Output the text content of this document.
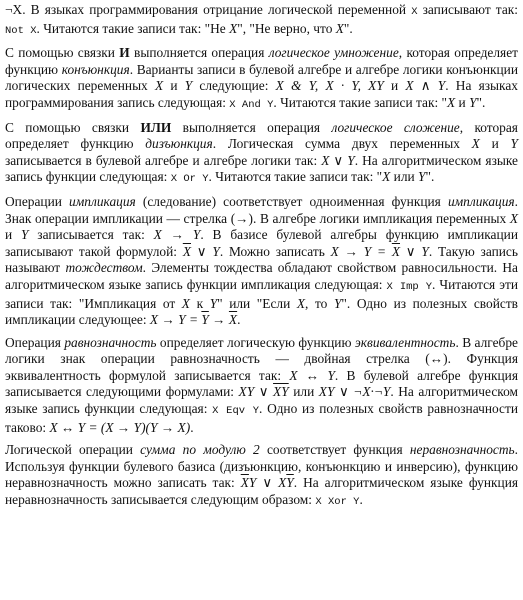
¬X. В языках программирования отрицание логической переменной X записывают так: Not X. Читаются такие записи так: "Не X", "Не верно, что X".

С помощью связки И выполняется операция логическое умножение, которая определяет функцию конъюнкция. Варианты записи в булевой алгебре и алгебре логики конъюнкции логических переменных X и Y следующие: X & Y, X · Y, XY и X ∧ Y. На языках программирования запись следующая: X And Y. Читаются такие записи так: "X и Y".

С помощью связки ИЛИ выполняется операция логическое сложение, которая определяет функцию дизъюнкция. Логическая сумма двух переменных X и Y записывается в булевой алгебре и алгебре логики так: X ∨ Y. На алгоритмическом языке запись функции следующая: X Or Y. Читаются такие записи так: "X или Y".

Операции импликация (следование) соответствует одноименная функция импликация. Знак операции импликации — стрелка (→). В алгебре логики импликация переменных X и Y записывается так: X → Y. В базисе булевой алгебры функцию импликации записывают такой формулой: $\overline{X}$ ∨ Y. Можно записать $X \to Y = \overline{X}$ ∨ Y. Такую запись называют тождеством. Элементы тождества обладают свойством равносильности. На алгоритмическом языке запись функции импликация следующая: X Imp Y. Читаются эти записи так: "Импликация от X к Y" или "Если X, то Y". Одно из полезных свойств импликации следующее: $X \to Y = \overline{Y} \to \overline{X}$.

Операция равнозначность определяет логическую функцию эквивалентность. В алгебре логики знак операции равнозначность — двойная стрелка (↔). Функция эквивалентность формулой записывается так: X ↔ Y. В булевой алгебре функция записывается следующими формулами: XY ∨ $\overline{XY}$ или XY ∨ ¬X·¬Y. На алгоритмическом языке запись функции следующая: X Eqv Y. Одно из полезных свойств равнозначности таково: X ↔ Y = (X → Y)(Y → X).

Логической операции сумма по модулю 2 соответствует функция неравнозначность. Используя функции булевого базиса (дизъюнкцию, конъюнкцию и инверсию), функцию неравнозначность можно записать так: $\overline{X}Y$ ∨ $X\overline{Y}$. На алгоритмическом языке функция неравнозначность записывается следующим образом: X Xor Y.
